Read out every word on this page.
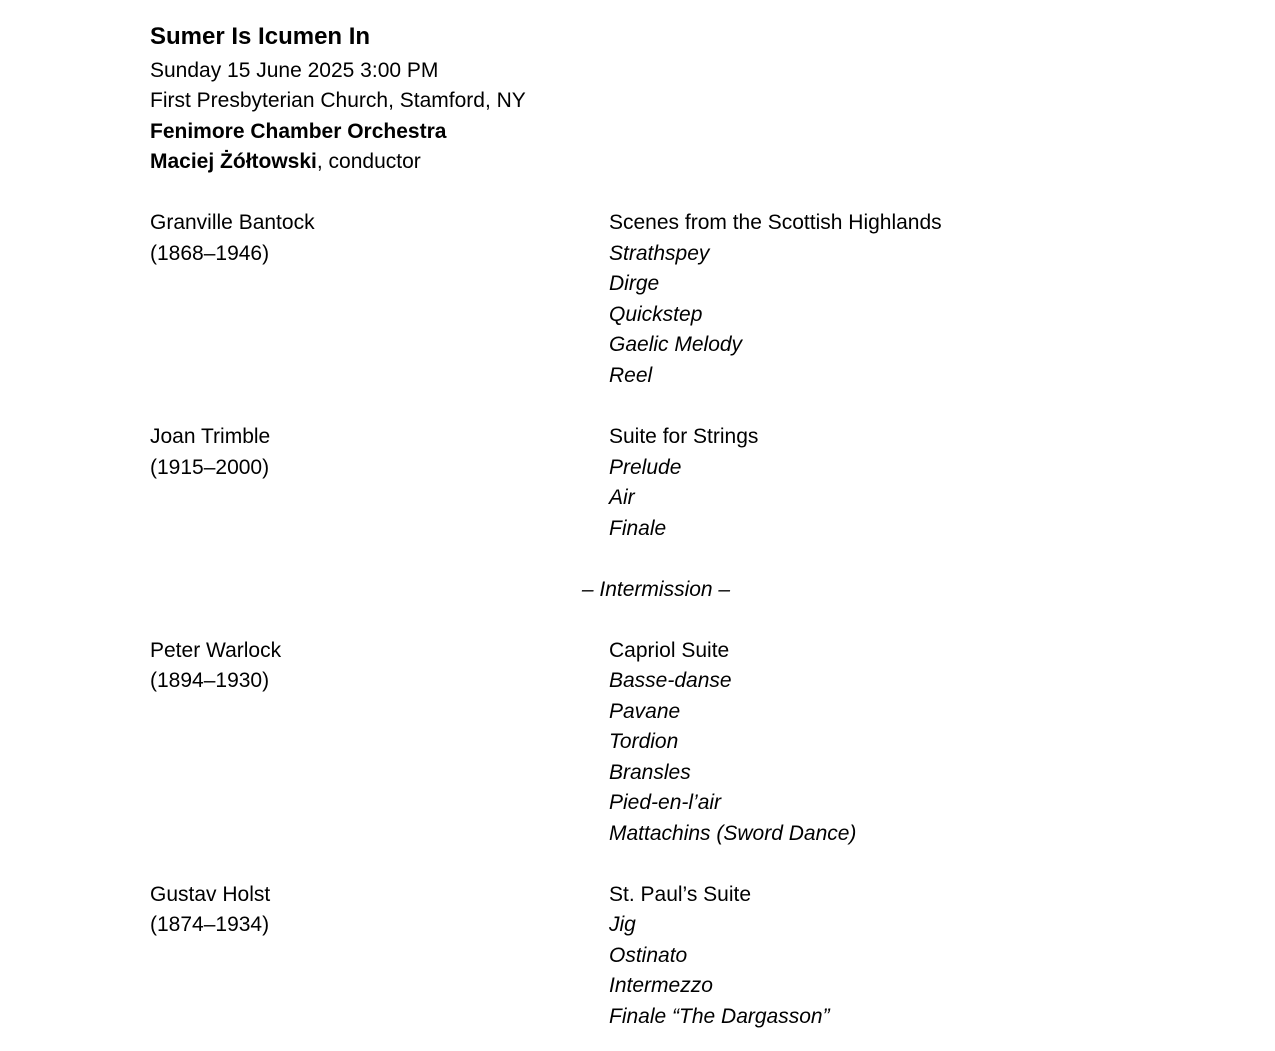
Sumer Is Icumen In
Sunday 15 June 2025 3:00 PM
First Presbyterian Church, Stamford, NY
Fenimore Chamber Orchestra
Maciej Żółtowski, conductor
Granville Bantock
(1868–1946)
Scenes from the Scottish Highlands
Strathspey
Dirge
Quickstep
Gaelic Melody
Reel
Joan Trimble
(1915–2000)
Suite for Strings
Prelude
Air
Finale
– Intermission –
Peter Warlock
(1894–1930)
Capriol Suite
Basse-danse
Pavane
Tordion
Bransles
Pied-en-l’air
Mattachins (Sword Dance)
Gustav Holst
(1874–1934)
St. Paul’s Suite
Jig
Ostinato
Intermezzo
Finale “The Dargasson”
